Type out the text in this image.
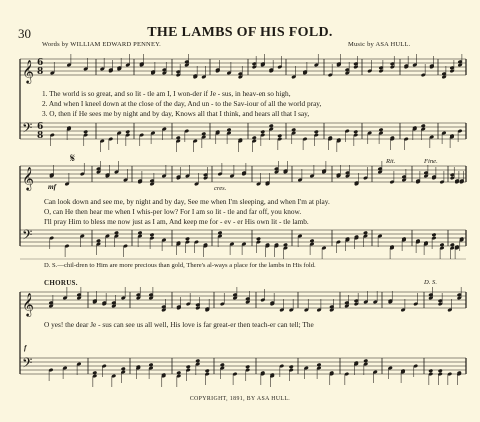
30	THE LAMBS OF HIS FOLD.
Words by WILLIAM EDWARD PENNEY.	Music by ASA HULL.
1. The world is so great, and so lit - tle am I, I won-der if Je - sus, in heav-en so high,
2. And when I kneel down at the close of the day, And un - to the Sav-iour of all the world pray,
3. O, then if He sees me by night and by day, Knows all that I think, and hears all that I say,
mf	cres.
Rit.	Fine.
Can look down and see me, by night and by day, See me when I'm sleeping, and when I'm at play.
O, can He then hear me when I whis-per low? For I am so lit - tle and far off, you know.
I'll pray Him to bless me now just as I am, And keep me for - ev - er His own lit - tle lamb.
D. S.—chil-dren to Him are more precious than gold, There's al-ways a place for the lambs in His fold.
CHORUS.	D. S.
f
O yes! the dear Je - sus can see us all well, His love is far great-er then teach-er can tell; The
COPYRIGHT, 1891, BY ASA HULL.
𝄞
𝄢
𝄞
𝄢
𝄞
𝄢
6
8
6
8
𝄋
